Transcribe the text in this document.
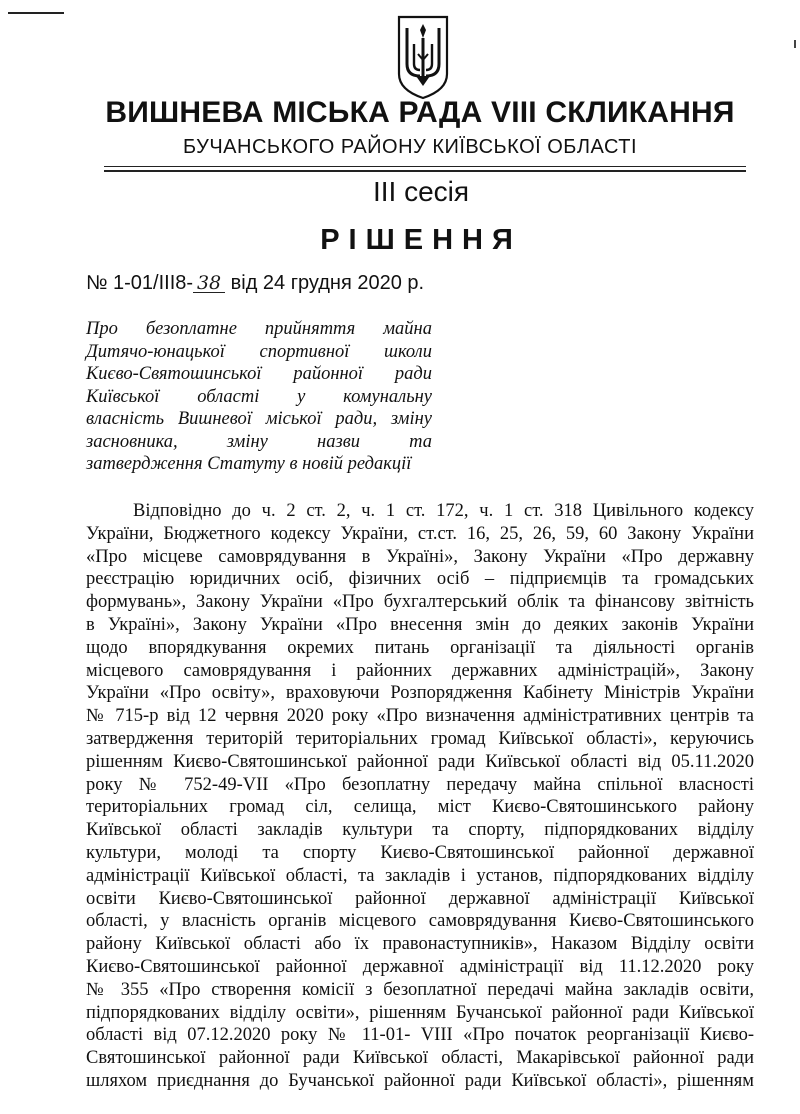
ВИШНЕВА МІСЬКА РАДА VIII СКЛИКАННЯ
БУЧАНСЬКОГО РАЙОНУ КИЇВСЬКОЇ ОБЛАСТІ
ІІІ сесія
РІШЕННЯ
№ 1-01/ІІІ8- 38 від 24 грудня 2020 р.
Про безоплатне прийняття майна
Дитячо-юнацької спортивної школи
Києво-Святошинської районної ради
Київської області у комунальну
власність Вишневої міської ради, зміну
засновника, зміну назви та
затвердження Статуту в новій редакції
Відповідно до ч. 2 ст. 2, ч. 1 ст. 172, ч. 1 ст. 318 Цивільного кодексу
України, Бюджетного кодексу України, ст.ст. 16, 25, 26, 59, 60 Закону України
«Про місцеве самоврядування в Україні», Закону України «Про державну
реєстрацію юридичних осіб, фізичних осіб – підприємців та громадських
формувань», Закону України «Про бухгалтерський облік та фінансову звітність
в Україні», Закону України «Про внесення змін до деяких законів України
щодо впорядкування окремих питань організації та діяльності органів
місцевого самоврядування і районних державних адміністрацій», Закону
України «Про освіту», враховуючи Розпорядження Кабінету Міністрів України
№ 715-р від 12 червня 2020 року «Про визначення адміністративних центрів та
затвердження територій територіальних громад Київської області», керуючись
рішенням Києво-Святошинської районної ради Київської області від 05.11.2020
року № 752-49-VII «Про безоплатну передачу майна спільної власності
територіальних громад сіл, селища, міст Києво-Святошинського району
Київської області закладів культури та спорту, підпорядкованих відділу
культури, молоді та спорту Києво-Святошинської районної державної
адміністрації Київської області, та закладів і установ, підпорядкованих відділу
освіти Києво-Святошинської районної державної адміністрації Київської
області, у власність органів місцевого самоврядування Києво-Святошинського
району Київської області або їх правонаступників», Наказом Відділу освіти
Києво-Святошинської районної державної адміністрації від 11.12.2020 року
№ 355 «Про створення комісії з безоплатної передачі майна закладів освіти,
підпорядкованих відділу освіти», рішенням Бучанської районної ради Київської
області від 07.12.2020 року № 11-01- VIII «Про початок реорганізації Києво-
Святошинської районної ради Київської області, Макарівської районної ради
шляхом приєднання до Бучанської районної ради Київської області», рішенням
